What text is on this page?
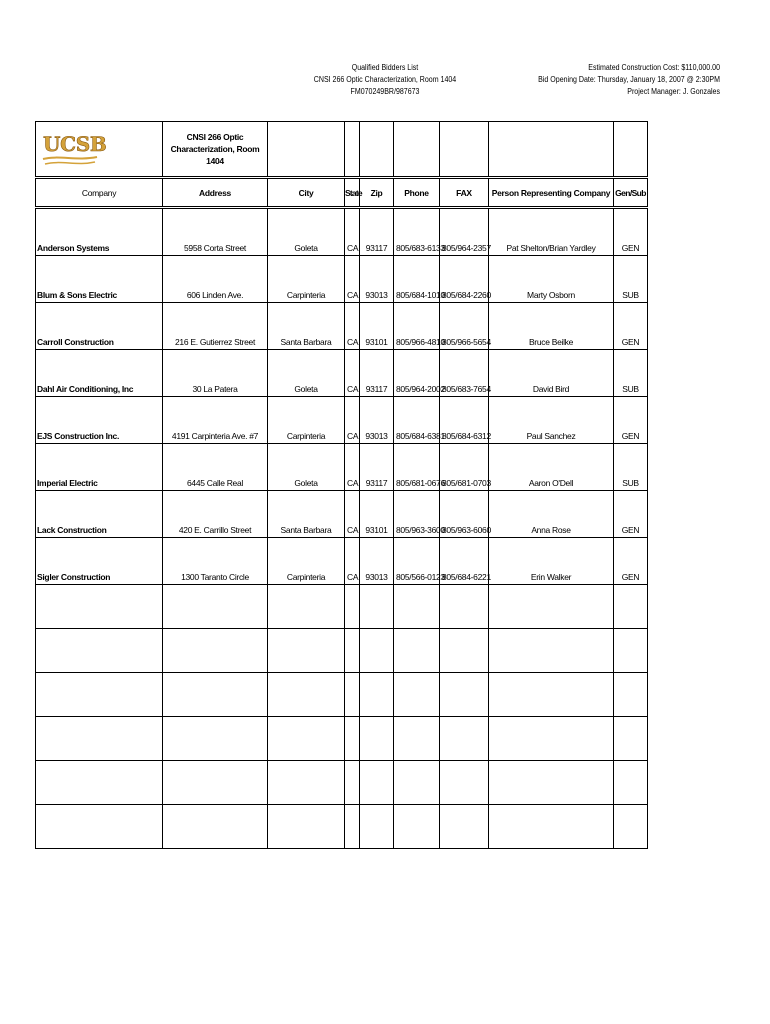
Qualified Bidders List
CNSI 266 Optic Characterization, Room 1404
FM070249BR/987673
Estimated Construction Cost: $110,000.00
Bid Opening Date: Thursday, January 18, 2007 @ 2:30PM
Project Manager: J. Gonzales
UCSB	CNSI 266 Optic Characterization, Room 1404							
Company	Address	City	State	Zip	Phone	FAX	Person Representing Company	Gen/Sub

Anderson Systems	5958 Corta Street	Goleta	CA	93117	805/683-6133	805/964-2357	Pat Shelton/Brian Yardley	GEN
Blum & Sons Electric	606 Linden Ave.	Carpinteria	CA	93013	805/684-1010	805/684-2260	Marty Osborn	SUB
Carroll Construction	216 E. Gutierrez Street	Santa Barbara	CA	93101	805/966-4810	805/966-5654	Bruce Beilke	GEN
Dahl Air Conditioning, Inc	30 La Patera	Goleta	CA	93117	805/964-2002	805/683-7654	David Bird	SUB
EJS Construction Inc.	4191 Carpinteria Ave. #7	Carpinteria	CA	93013	805/684-6381	805/684-6312	Paul Sanchez	GEN
Imperial Electric	6445 Calle Real	Goleta	CA	93117	805/681-0676	805/681-0703	Aaron O'Dell	SUB
Lack Construction	420 E. Carrillo Street	Santa Barbara	CA	93101	805/963-3600	805/963-6060	Anna Rose	GEN
Sigler Construction	1300 Taranto Circle	Carpinteria	CA	93013	805/566-0123	805/684-6221	Erin Walker	GEN
